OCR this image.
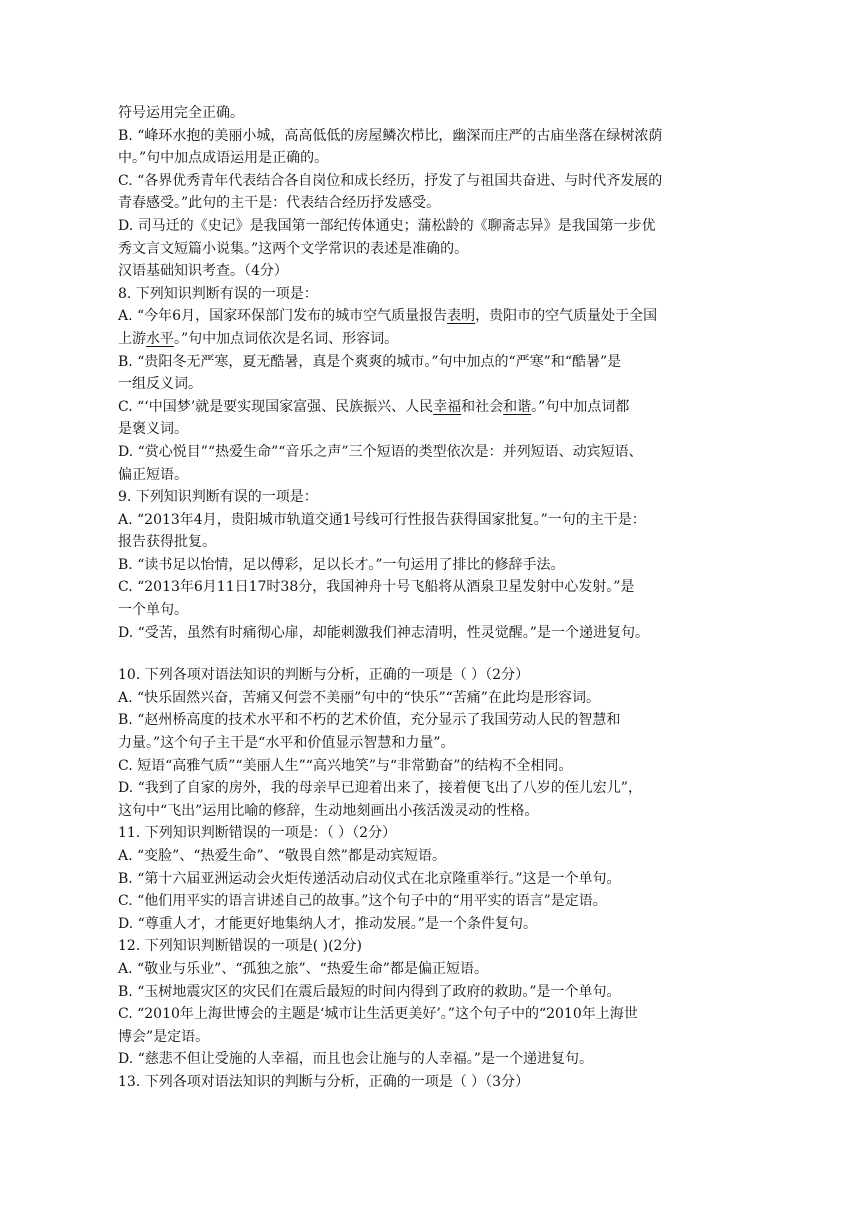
符号运用完全正确。
B. “峰环水抱的美丽小城，高高低低的房屋鳞次栉比，幽深而庄严的古庙坐落在绿树浓荫
中。”句中加点成语运用是正确的。
C. “各界优秀青年代表结合各自岗位和成长经历，抒发了与祖国共奋进、与时代齐发展的
青春感受。”此句的主干是：代表结合经历抒发感受。
D. 司马迁的《史记》是我国第一部纪传体通史；蒲松龄的《聊斋志异》是我国第一步优
秀文言文短篇小说集。”这两个文学常识的表述是准确的。
汉语基础知识考查。（4分）
8. 下列知识判断有误的一项是：
A. “今年6月，国家环保部门发布的城市空气质量报告表明，贵阳市的空气质量处于全国
上游水平。”句中加点词依次是名词、形容词。
B. “贵阳冬无严寒，夏无酷暑，真是个爽爽的城市。”句中加点的“严寒”和“酷暑”是
一组反义词。
C. “‘中国梦’就是要实现国家富强、民族振兴、人民幸福和社会和谐。”句中加点词都
是褒义词。
D. “赏心悦目”“热爱生命”“音乐之声”三个短语的类型依次是：并列短语、动宾短语、
偏正短语。
9. 下列知识判断有误的一项是：
A. “2013年4月，贵阳城市轨道交通1号线可行性报告获得国家批复。”一句的主干是：
报告获得批复。
B. “读书足以怡情，足以傅彩，足以长才。”一句运用了排比的修辞手法。
C. “2013年6月11日17时38分，我国神舟十号飞船将从酒泉卫星发射中心发射。”是
一个单句。
D. “受苦，虽然有时痛彻心扉，却能刺激我们神志清明，性灵觉醒。”是一个递进复句。
10. 下列各项对语法知识的判断与分析，正确的一项是（ ）（2分）
A. “快乐固然兴奋，苦痛又何尝不美丽”句中的“快乐”“苦痛”在此均是形容词。
B. “赵州桥高度的技术水平和不朽的艺术价值，充分显示了我国劳动人民的智慧和
力量。”这个句子主干是“水平和价值显示智慧和力量”。
C. 短语“高雅气质”“美丽人生”“高兴地笑”与“非常勤奋”的结构不全相同。
D. “我到了自家的房外，我的母亲早已迎着出来了，接着便飞出了八岁的侄儿宏儿”，
这句中“飞出”运用比喻的修辞，生动地刻画出小孩活泼灵动的性格。
11. 下列知识判断错误的一项是：（ ）（2分）
A. “变脸”、“热爱生命”、“敬畏自然”都是动宾短语。
B. “第十六届亚洲运动会火炬传递活动启动仪式在北京隆重举行。”这是一个单句。
C. “他们用平实的语言讲述自己的故事。”这个句子中的“用平实的语言”是定语。
D. “尊重人才，才能更好地集纳人才，推动发展。”是一个条件复句。
12. 下列知识判断错误的一项是( )(2分)
A. “敬业与乐业”、“孤独之旅”、“热爱生命”都是偏正短语。
B. “玉树地震灾区的灾民们在震后最短的时间内得到了政府的救助。”是一个单句。
C. “2010年上海世博会的主题是‘城市让生活更美好’。”这个句子中的“2010年上海世
博会”是定语。
D. “慈悲不但让受施的人幸福，而且也会让施与的人幸福。”是一个递进复句。
13. 下列各项对语法知识的判断与分析，正确的一项是（ ）（3分）
